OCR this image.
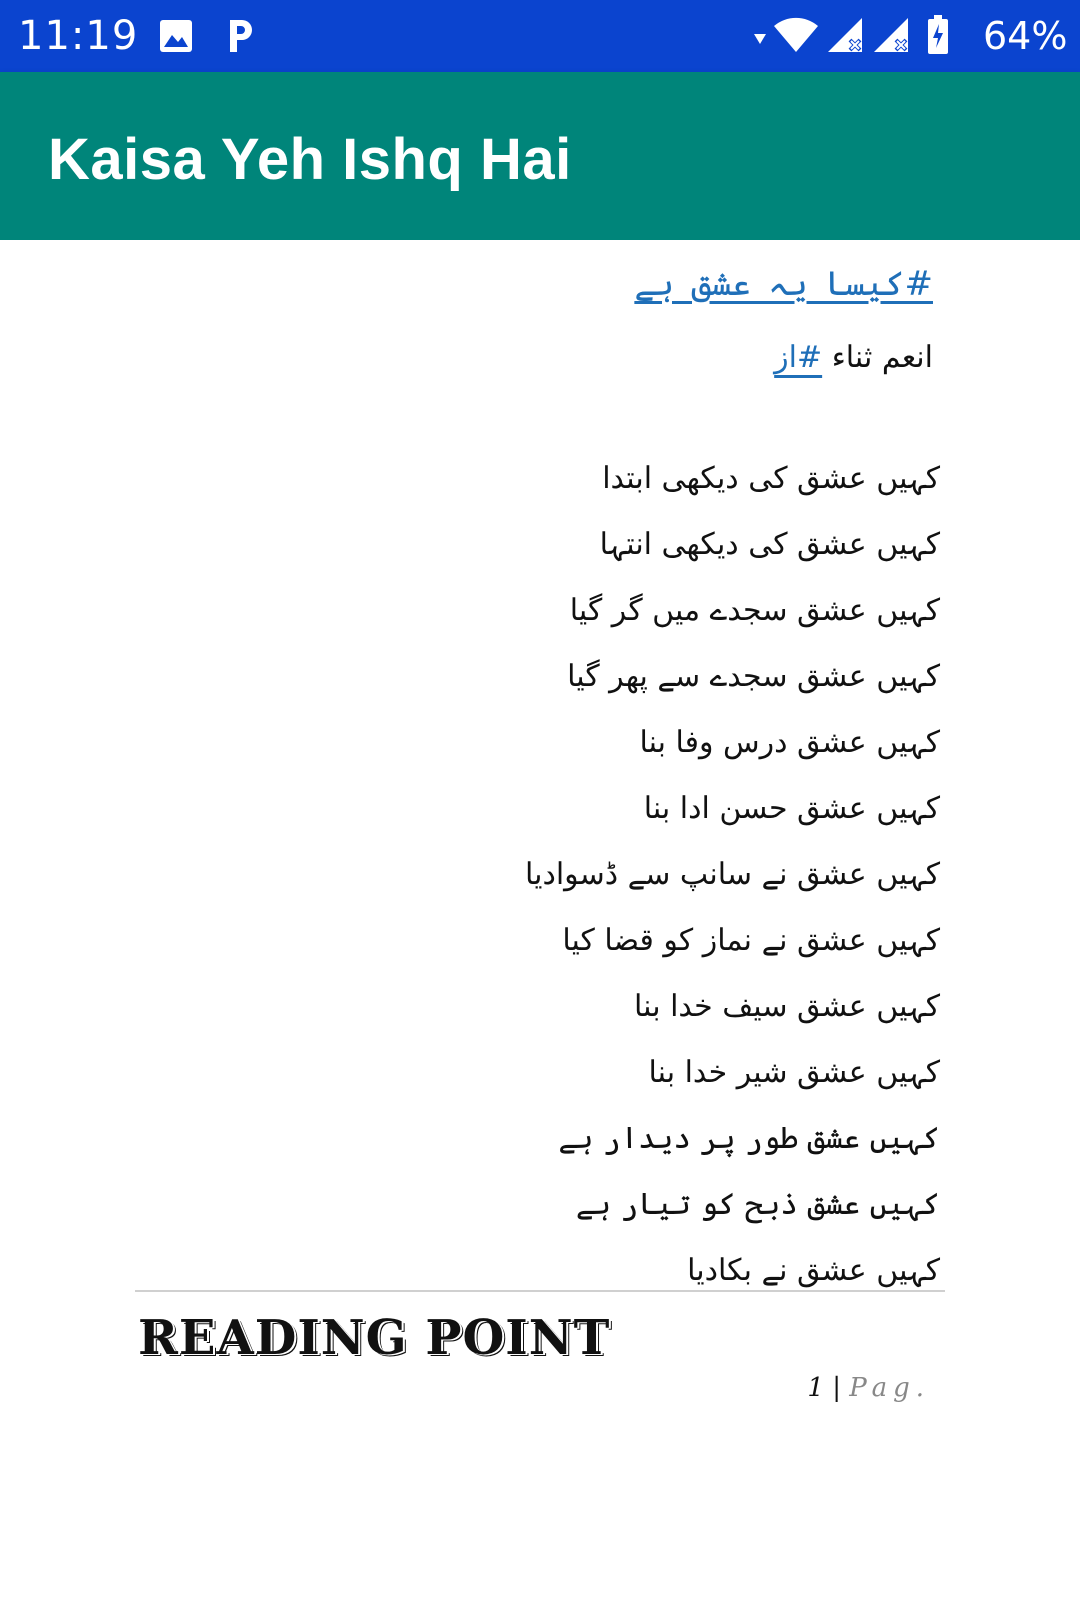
11:19	64%
Kaisa Yeh Ishq Hai
#کیسا_یہ_عشق_ہے
انعم ثناء #از
کہیں عشق کی دیکھی ابتدا
کہیں عشق کی دیکھی انتہا
کہیں عشق سجدے میں گر گیا
کہیں عشق سجدے سے پھر گیا
کہیں عشق درس وفا بنا
کہیں عشق حسن ادا بنا
کہیں عشق نے سانپ سے ڈسوادیا
کہیں عشق نے نماز کو قضا کیا
کہیں عشق سیف خدا بنا
کہیں عشق شیر خدا بنا
کہیں عشق طور پر دیدار ہے
کہیں عشق ذبح کو تیار ہے
کہیں عشق نے بکادیا
READING POINT
1 | Pag.
